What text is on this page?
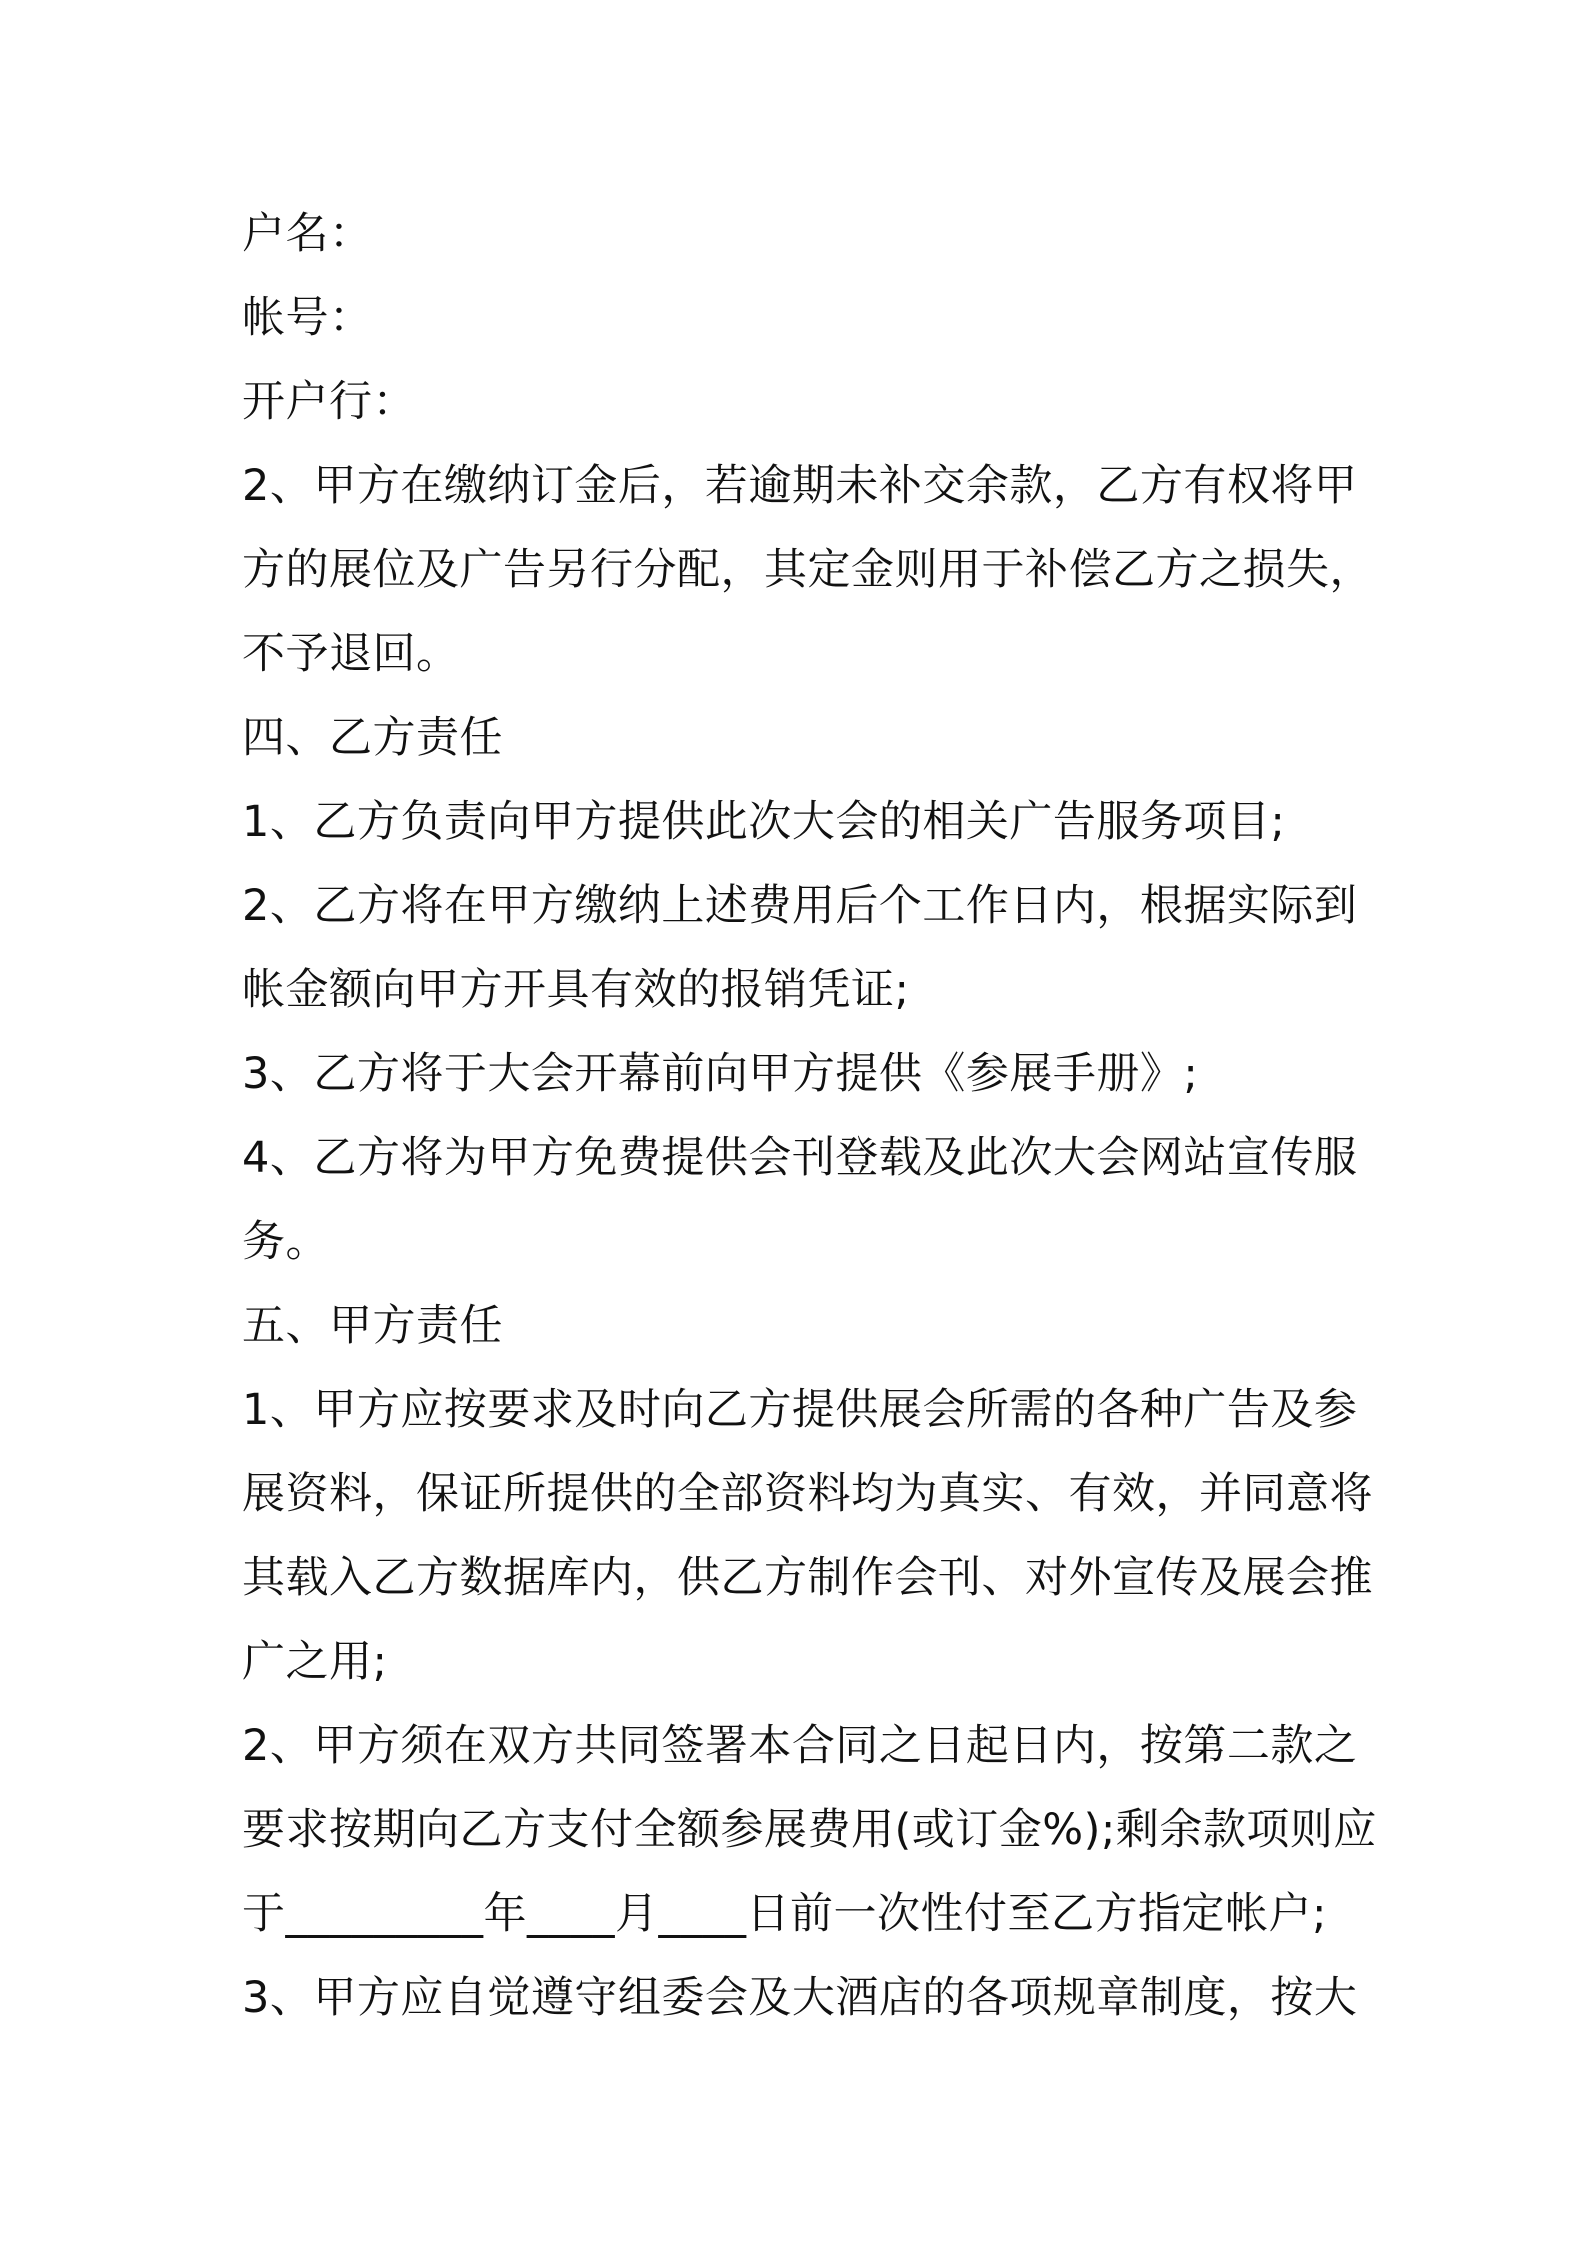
户名：
帐号：
开户行：
2、甲方在缴纳订金后，若逾期未补交余款，乙方有权将甲
方的展位及广告另行分配，其定金则用于补偿乙方之损失，
不予退回。
四、乙方责任
1、乙方负责向甲方提供此次大会的相关广告服务项目;
2、乙方将在甲方缴纳上述费用后个工作日内，根据实际到
帐金额向甲方开具有效的报销凭证;
3、乙方将于大会开幕前向甲方提供《参展手册》;
4、乙方将为甲方免费提供会刊登载及此次大会网站宣传服
务。
五、甲方责任
1、甲方应按要求及时向乙方提供展会所需的各种广告及参
展资料，保证所提供的全部资料均为真实、有效，并同意将
其载入乙方数据库内，供乙方制作会刊、对外宣传及展会推
广之用;
2、甲方须在双方共同签署本合同之日起日内，按第二款之
要求按期向乙方支付全额参展费用(或订金%);剩余款项则应
于_________年____月____日前一次性付至乙方指定帐户;
3、甲方应自觉遵守组委会及大酒店的各项规章制度，按大
